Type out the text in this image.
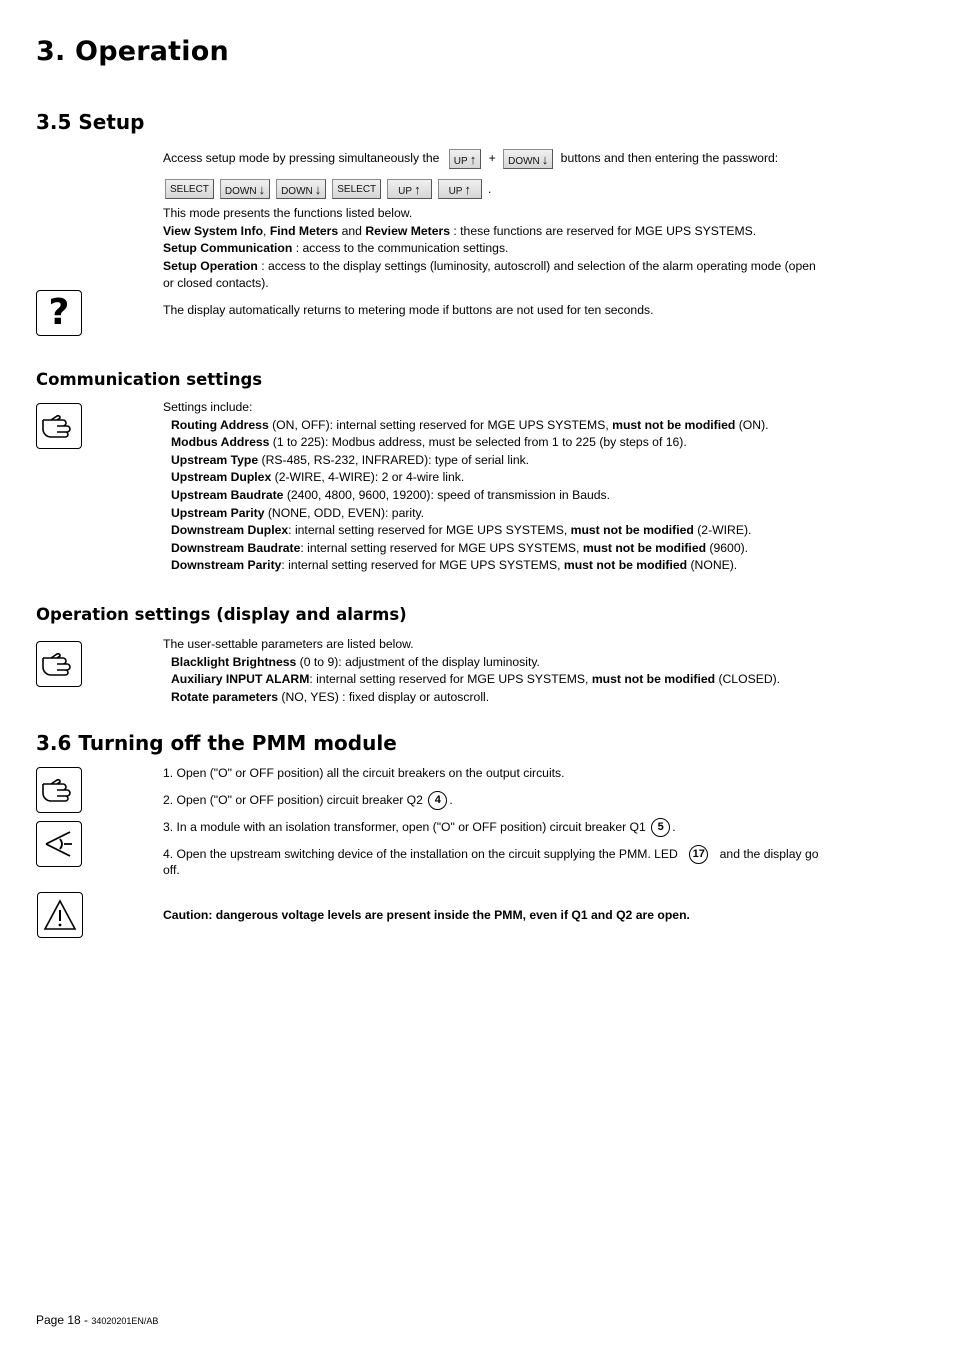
3. Operation
3.5 Setup
Access setup mode by pressing simultaneously the UP ↑ + DOWN ↓ buttons and then entering the password:
SELECT	DOWN ↓	DOWN ↓	SELECT	UP ↑	UP ↑	.
This mode presents the functions listed below.
View System Info, Find Meters and Review Meters : these functions are reserved for MGE UPS SYSTEMS.
Setup Communication : access to the communication settings.
Setup Operation : access to the display settings (luminosity, autoscroll) and selection of the alarm operating mode (open
or closed contacts).
?	The display automatically returns to metering mode if buttons are not used for ten seconds.
Communication settings
Settings include:
Routing Address (ON, OFF): internal setting reserved for MGE UPS SYSTEMS, must not be modified (ON).
Modbus Address (1 to 225): Modbus address, must be selected from 1 to 225 (by steps of 16).
Upstream Type (RS-485, RS-232, INFRARED): type of serial link.
Upstream Duplex (2-WIRE, 4-WIRE): 2 or 4-wire link.
Upstream Baudrate (2400, 4800, 9600, 19200): speed of transmission in Bauds.
Upstream Parity (NONE, ODD, EVEN): parity.
Downstream Duplex: internal setting reserved for MGE UPS SYSTEMS, must not be modified (2-WIRE).
Downstream Baudrate: internal setting reserved for MGE UPS SYSTEMS, must not be modified (9600).
Downstream Parity: internal setting reserved for MGE UPS SYSTEMS, must not be modified (NONE).
Operation settings (display and alarms)
The user-settable parameters are listed below.
Blacklight Brightness (0 to 9): adjustment of the display luminosity.
Auxiliary INPUT ALARM: internal setting reserved for MGE UPS SYSTEMS, must not be modified (CLOSED).
Rotate parameters (NO, YES) : fixed display or autoscroll.
3.6 Turning off the PMM module
1. Open ("O" or OFF position) all the circuit breakers on the output circuits.
2. Open ("O" or OFF position) circuit breaker Q2 4 .
3. In a module with an isolation transformer, open ("O" or OFF position) circuit breaker Q1 5 .
4. Open the upstream switching device of the installation on the circuit supplying the PMM. LED 17 and the display go
off.
Caution: dangerous voltage levels are present inside the PMM, even if Q1 and Q2 are open.
Page 18 - 34020201EN/AB
